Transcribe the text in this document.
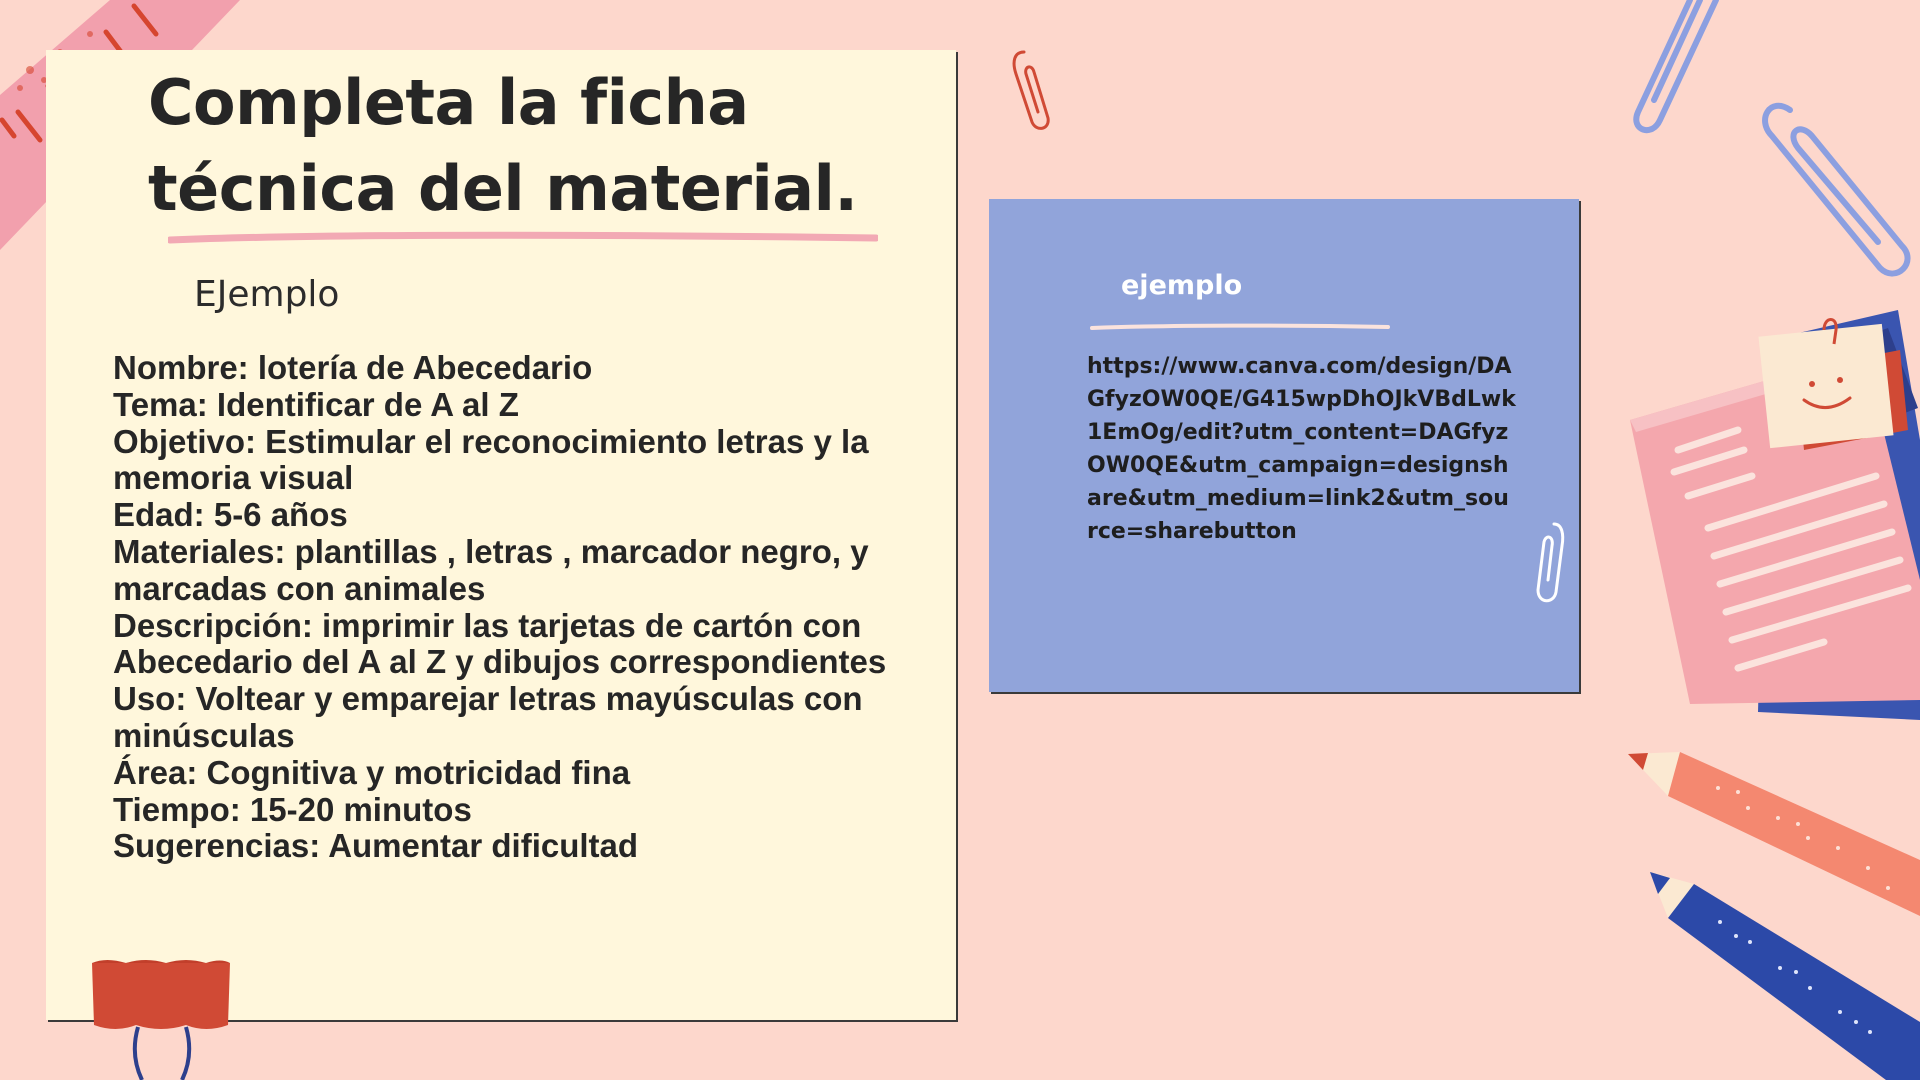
Completa la ficha
técnica del material.
EJemplo
Nombre: lotería de Abecedario
Tema: Identificar de A al Z
Objetivo: Estimular el reconocimiento letras y la memoria visual
Edad: 5-6 años
Materiales: plantillas , letras , marcador negro, y marcadas con animales
Descripción: imprimir las tarjetas de cartón con Abecedario del A al Z y dibujos correspondientes
Uso: Voltear y emparejar letras mayúsculas con minúsculas
Área: Cognitiva y motricidad fina
Tiempo: 15-20 minutos
Sugerencias: Aumentar dificultad
ejemplo
https://www.canva.com/design/DAGfyzOW0QE/G415wpDhOJkVBdLwk1EmOg/edit?utm_content=DAGfyzOW0QE&utm_campaign=designshare&utm_medium=link2&utm_source=sharebutton
